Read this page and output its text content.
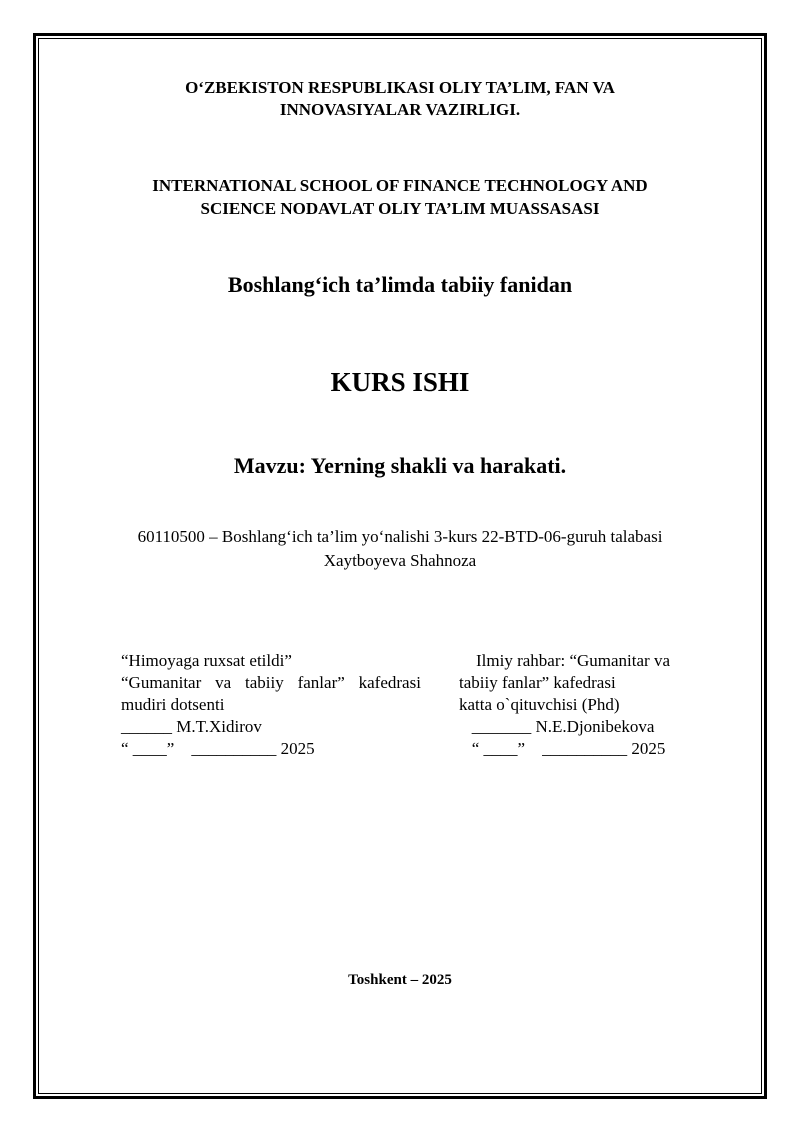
O‘ZBEKISTON RESPUBLIKASI OLIY TA’LIM, FAN VA
INNOVASIYALAR VAZIRLIGI.
INTERNATIONAL SCHOOL OF FINANCE TECHNOLOGY AND
SCIENCE NODAVLAT OLIY TA’LIM MUASSASASI
Boshlang‘ich ta’limda tabiiy fanidan
KURS ISHI
Mavzu: Yerning shakli va harakati.
60110500 – Boshlang‘ich ta’lim yo‘nalishi 3-kurs 22-BTD-06-guruh talabasi
Xaytboyeva Shahnoza
“Himoyaga ruxsat etildi”
“Gumanitar va tabiiy fanlar” kafedrasi
mudiri dotsenti
______ M.T.Xidirov
“ ____”    __________ 2025
Ilmiy rahbar: “Gumanitar va
tabiiy fanlar” kafedrasi
katta o`qituvchisi (Phd)
_______ N.E.Djonibekova
“ ____”    __________ 2025
Toshkent – 2025
